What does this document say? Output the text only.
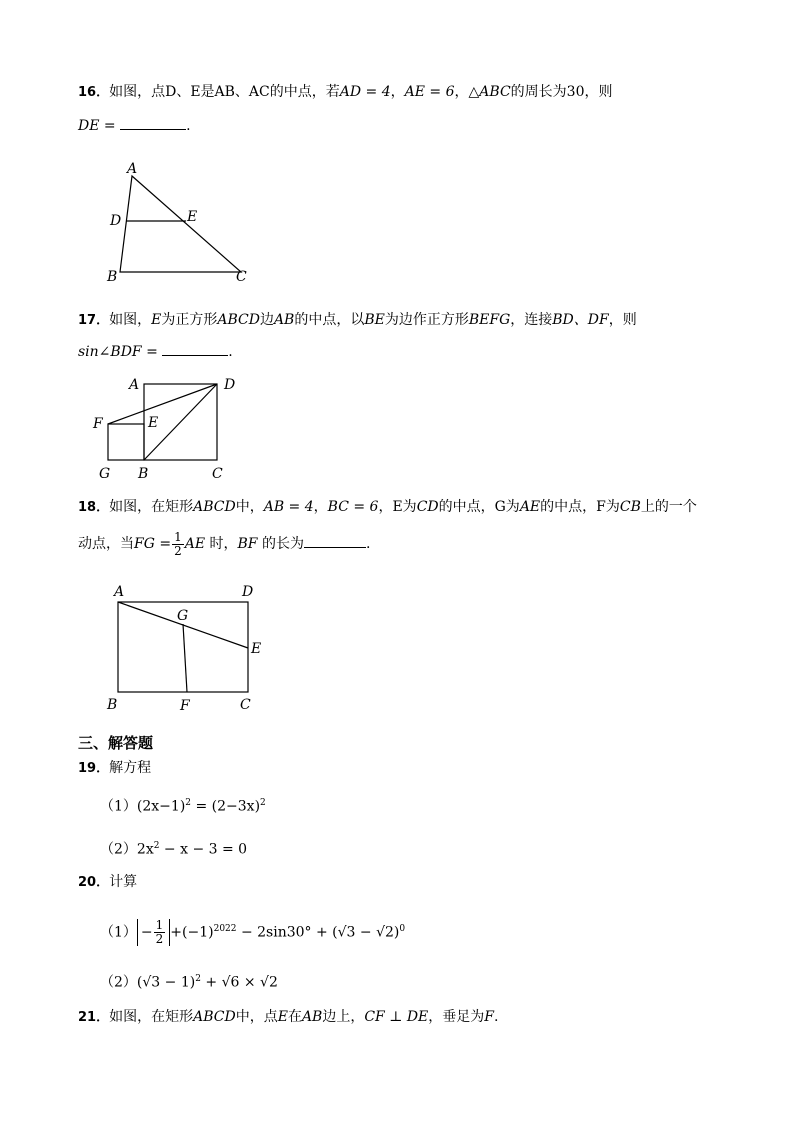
16．如图，点D、E是AB、AC的中点，若AD = 4，AE = 6，△ABC的周长为30，则
DE =	.
A
D	E
B	C
17．如图，E为正方形ABCD边AB的中点，以BE为边作正方形BEFG，连接BD、DF，则
sin∠BDF =	.
A	D
F	E
G B	C
18．如图，在矩形ABCD中，AB = 4，BC = 6，E为CD的中点，G为AE的中点，F为CB上的一个
动点，当FG = $\frac{1}{2}$ AE 时，BF 的长为	.
A	D
G
E
B	F	C
三、解答题
19．解方程
$(1)(2x-1)^2 = (2-3x)^2$
$(2)2x^2 - x - 3 = 0$
20．计算
$(1) - \frac{1}{2} +(-1)^{2022} - 2\sin 30^\circ + (√3 - √2)^0$
$(2)(√3 - 1)^2 + √6 \times √2$
21．如图，在矩形ABCD中，点E在AB边上，CF ⊥ DE，垂足为F.
